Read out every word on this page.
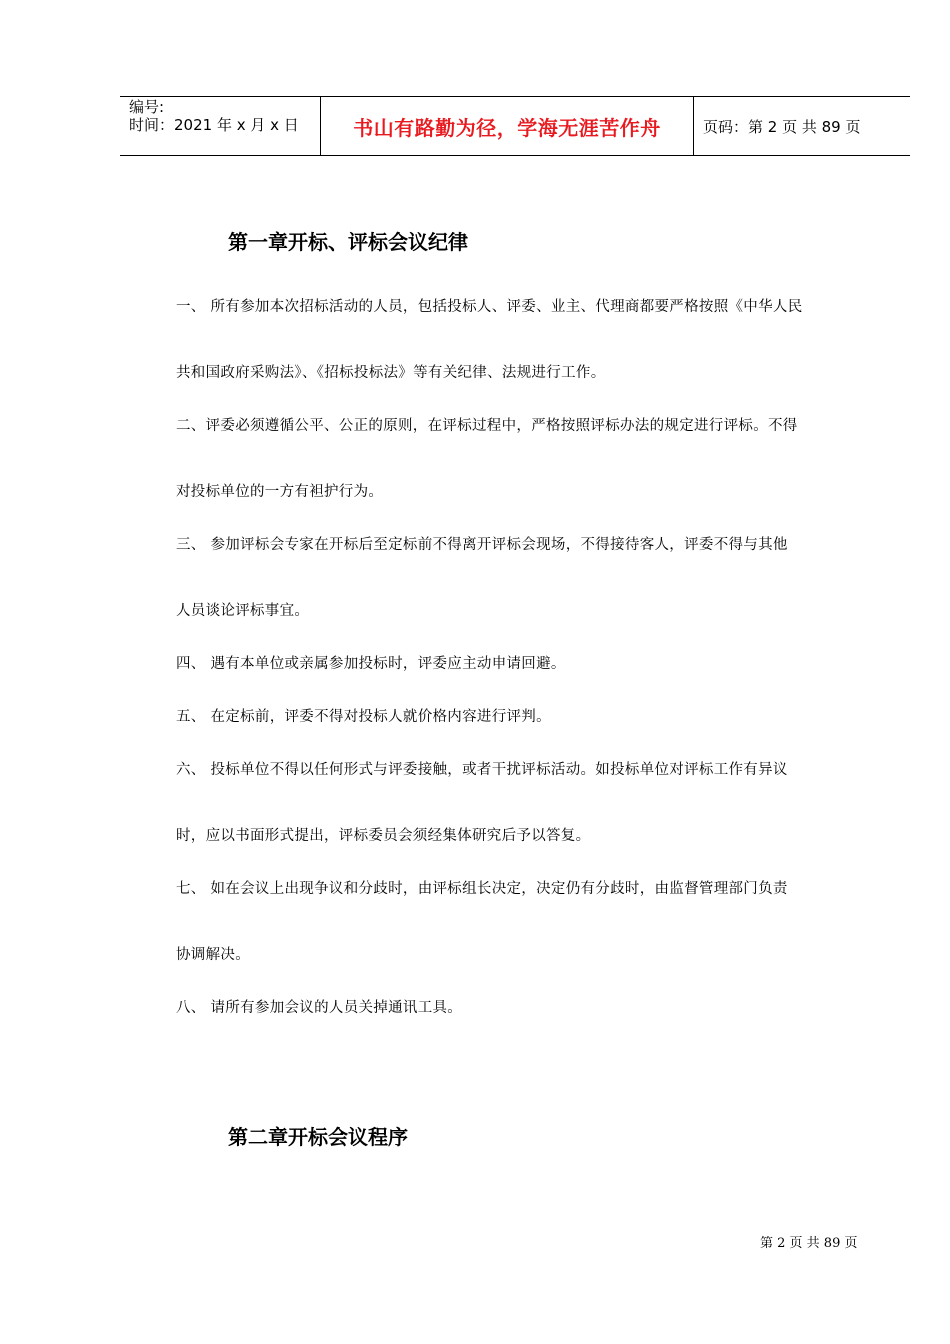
编号:
时间：2021 年 x 月 x 日	书山有路勤为径，学海无涯苦作舟	页码：第 2 页 共 89 页
第一章开标、评标会议纪律
一、 所有参加本次招标活动的人员，包括投标人、评委、业主、代理商都要严格按照《中华人民
共和国政府采购法》、《招标投标法》等有关纪律、法规进行工作。
二、评委必须遵循公平、公正的原则，在评标过程中，严格按照评标办法的规定进行评标。不得
对投标单位的一方有袒护行为。
三、 参加评标会专家在开标后至定标前不得离开评标会现场，不得接待客人，评委不得与其他
人员谈论评标事宜。
四、 遇有本单位或亲属参加投标时，评委应主动申请回避。
五、 在定标前，评委不得对投标人就价格内容进行评判。
六、 投标单位不得以任何形式与评委接触，或者干扰评标活动。如投标单位对评标工作有异议
时，应以书面形式提出，评标委员会须经集体研究后予以答复。
七、 如在会议上出现争议和分歧时，由评标组长决定，决定仍有分歧时，由监督管理部门负责
协调解决。
八、 请所有参加会议的人员关掉通讯工具。
第二章开标会议程序
第 2 页 共 89 页
